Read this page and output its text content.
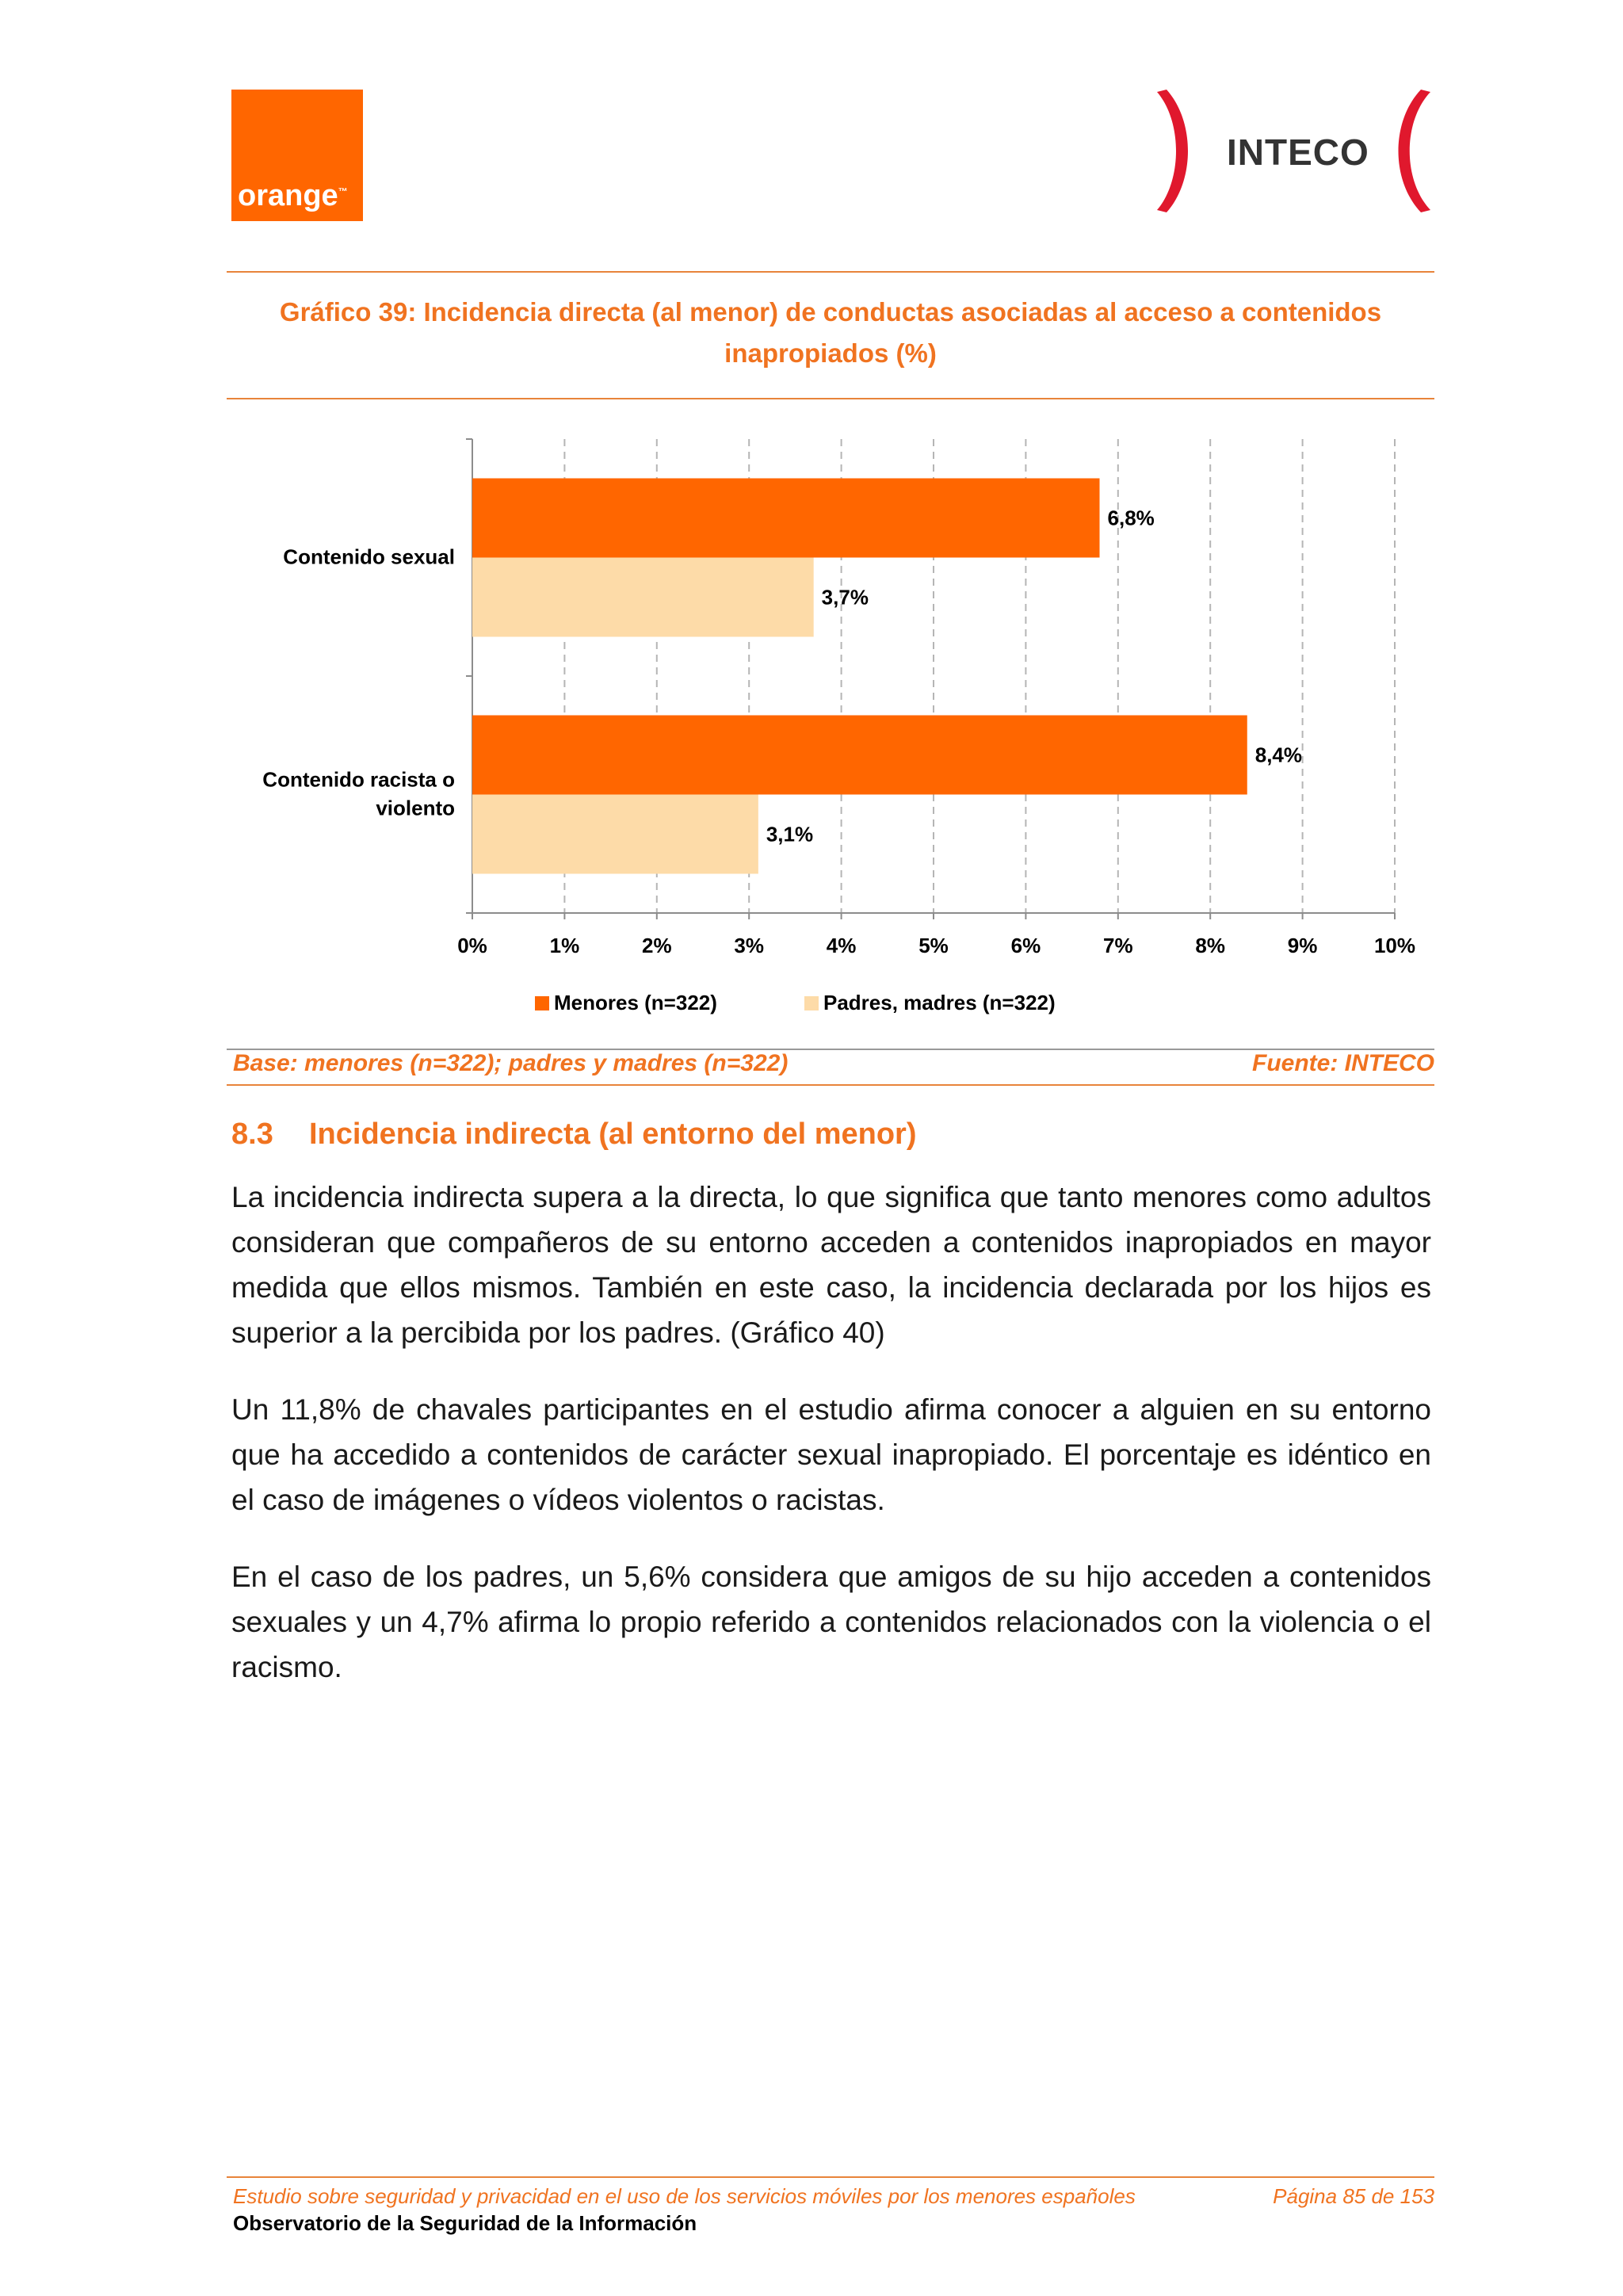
orange™
INTECO
Gráfico 39: Incidencia directa (al menor) de conductas asociadas al acceso a contenidos
inapropiados (%)
0%	1%	2%	3%	4%	5%	6%	7%	8%	9%	10%
Contenido sexual
6,8%
3,7%
Contenido racista o
violento
8,4%
3,1%
Menores (n=322)	Padres, madres (n=322)
Base: menores (n=322); padres y madres (n=322)	Fuente: INTECO
8.3 Incidencia indirecta (al entorno del menor)
La incidencia indirecta supera a la directa, lo que significa que tanto menores como adultos consideran que compañeros de su entorno acceden a contenidos inapropiados en mayor medida que ellos mismos. También en este caso, la incidencia declarada por los hijos es superior a la percibida por los padres. (Gráfico 40)
Un 11,8% de chavales participantes en el estudio afirma conocer a alguien en su entorno que ha accedido a contenidos de carácter sexual inapropiado. El porcentaje es idéntico en el caso de imágenes o vídeos violentos o racistas.
En el caso de los padres, un 5,6% considera que amigos de su hijo acceden a contenidos sexuales y un 4,7% afirma lo propio referido a contenidos relacionados con la violencia o el racismo.
Estudio sobre seguridad y privacidad en el uso de los servicios móviles por los menores españoles
Observatorio de la Seguridad de la Información
Página 85 de 153
